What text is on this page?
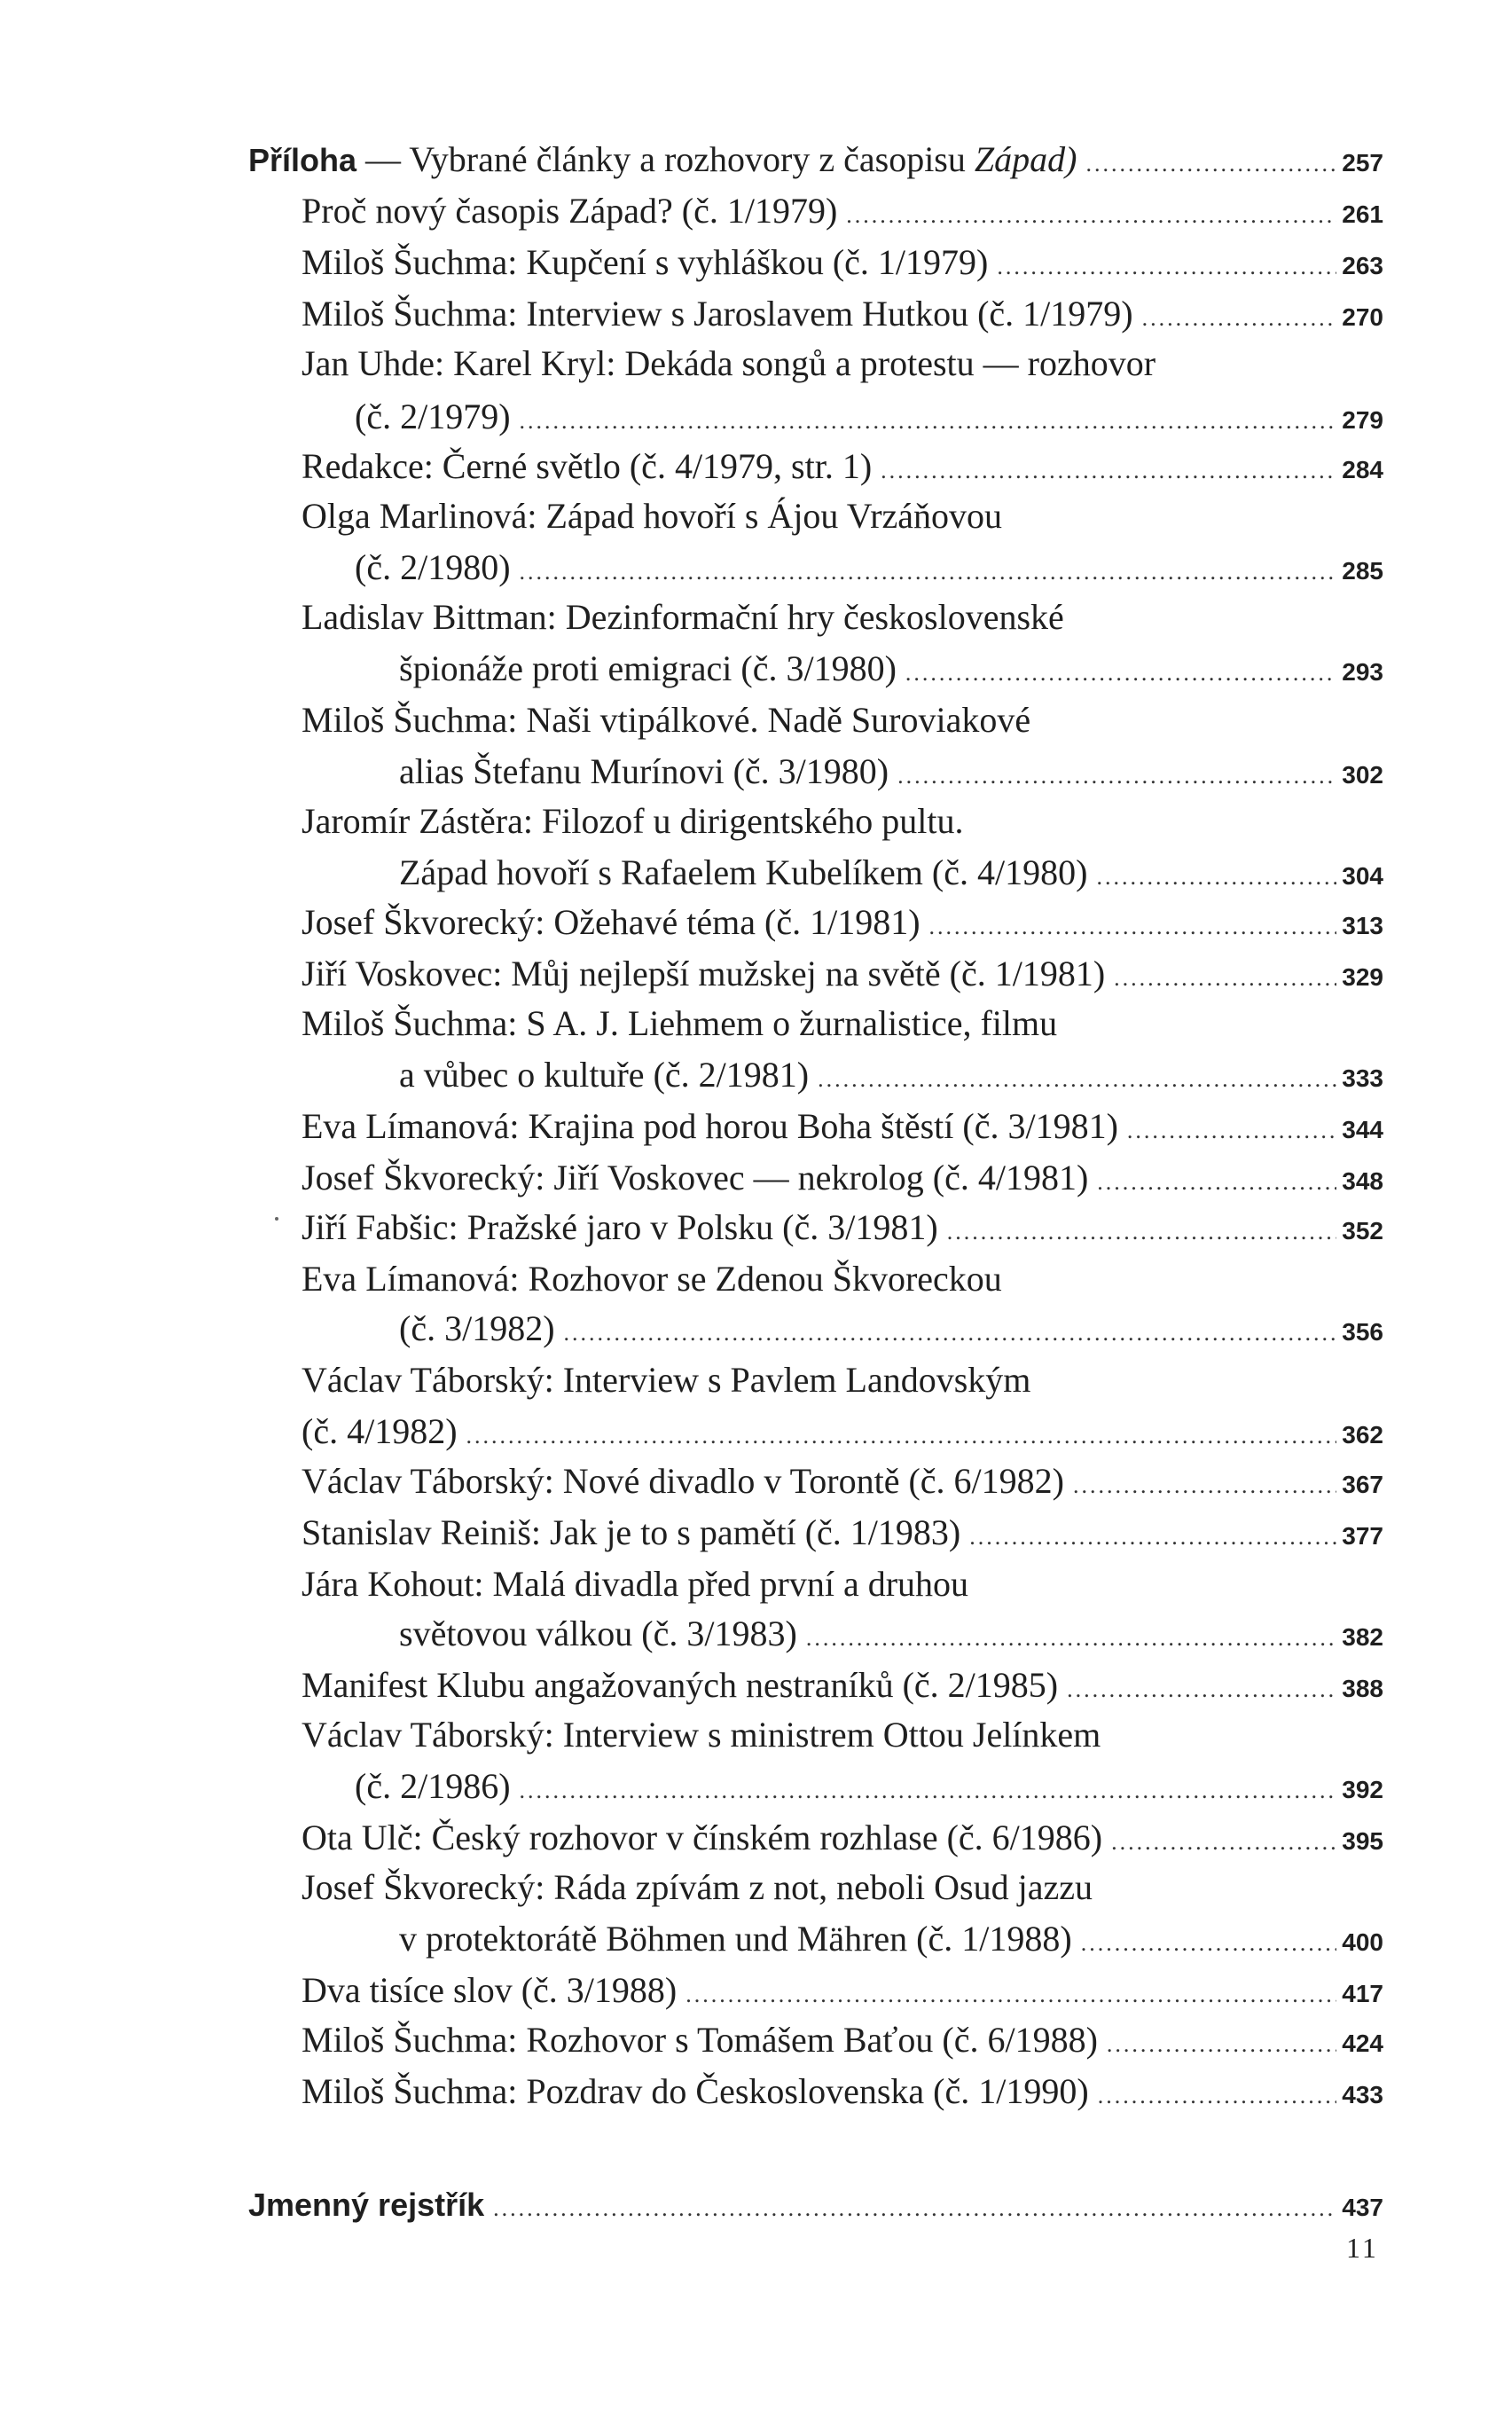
Příloha — Vybrané články a rozhovory z časopisu Západ) .....	257
Proč nový časopis Západ? (č. 1/1979) .....	261
Miloš Šuchma: Kupčení s vyhláškou (č. 1/1979) .....	263
Miloš Šuchma: Interview s Jaroslavem Hutkou (č. 1/1979) .....	270
Jan Uhde: Karel Kryl: Dekáda songů a protestu — rozhovor
(č. 2/1979) .....	279
Redakce: Černé světlo (č. 4/1979, str. 1) .....	284
Olga Marlinová: Západ hovoří s Ájou Vrzáňovou
(č. 2/1980) .....	285
Ladislav Bittman: Dezinformační hry československé
špionáže proti emigraci (č. 3/1980) .....	293
Miloš Šuchma: Naši vtipálkové. Nadě Suroviakové
alias Štefanu Murínovi (č. 3/1980) .....	302
Jaromír Zástěra: Filozof u dirigentského pultu.
Západ hovoří s Rafaelem Kubelíkem (č. 4/1980) .....	304
Josef Škvorecký: Ožehavé téma (č. 1/1981) .....	313
Jiří Voskovec: Můj nejlepší mužskej na světě (č. 1/1981) .....	329
Miloš Šuchma: S A. J. Liehmem o žurnalistice, filmu
a vůbec o kultuře (č. 2/1981) .....	333
Eva Límanová: Krajina pod horou Boha štěstí (č. 3/1981) .....	344
Josef Škvorecký: Jiří Voskovec — nekrolog (č. 4/1981) .....	348
Jiří Fabšic: Pražské jaro v Polsku (č. 3/1981) .....	352
Eva Límanová: Rozhovor se Zdenou Škvoreckou
(č. 3/1982) .....	356
Václav Táborský: Interview s Pavlem Landovským
(č. 4/1982) .....	362
Václav Táborský: Nové divadlo v Torontě (č. 6/1982) .....	367
Stanislav Reiniš: Jak je to s pamětí (č. 1/1983) .....	377
Jára Kohout: Malá divadla před první a druhou
světovou válkou (č. 3/1983) .....	382
Manifest Klubu angažovaných nestraníků (č. 2/1985) .....	388
Václav Táborský: Interview s ministrem Ottou Jelínkem
(č. 2/1986) .....	392
Ota Ulč: Český rozhovor v čínském rozhlase (č. 6/1986) .....	395
Josef Škvorecký: Ráda zpívám z not, neboli Osud jazzu
v protektorátě Böhmen und Mähren (č. 1/1988) .....	400
Dva tisíce slov (č. 3/1988) .....	417
Miloš Šuchma: Rozhovor s Tomášem Baťou (č. 6/1988) .....	424
Miloš Šuchma: Pozdrav do Československa (č. 1/1990) .....	433
Jmenný rejstřík .....	437
11
